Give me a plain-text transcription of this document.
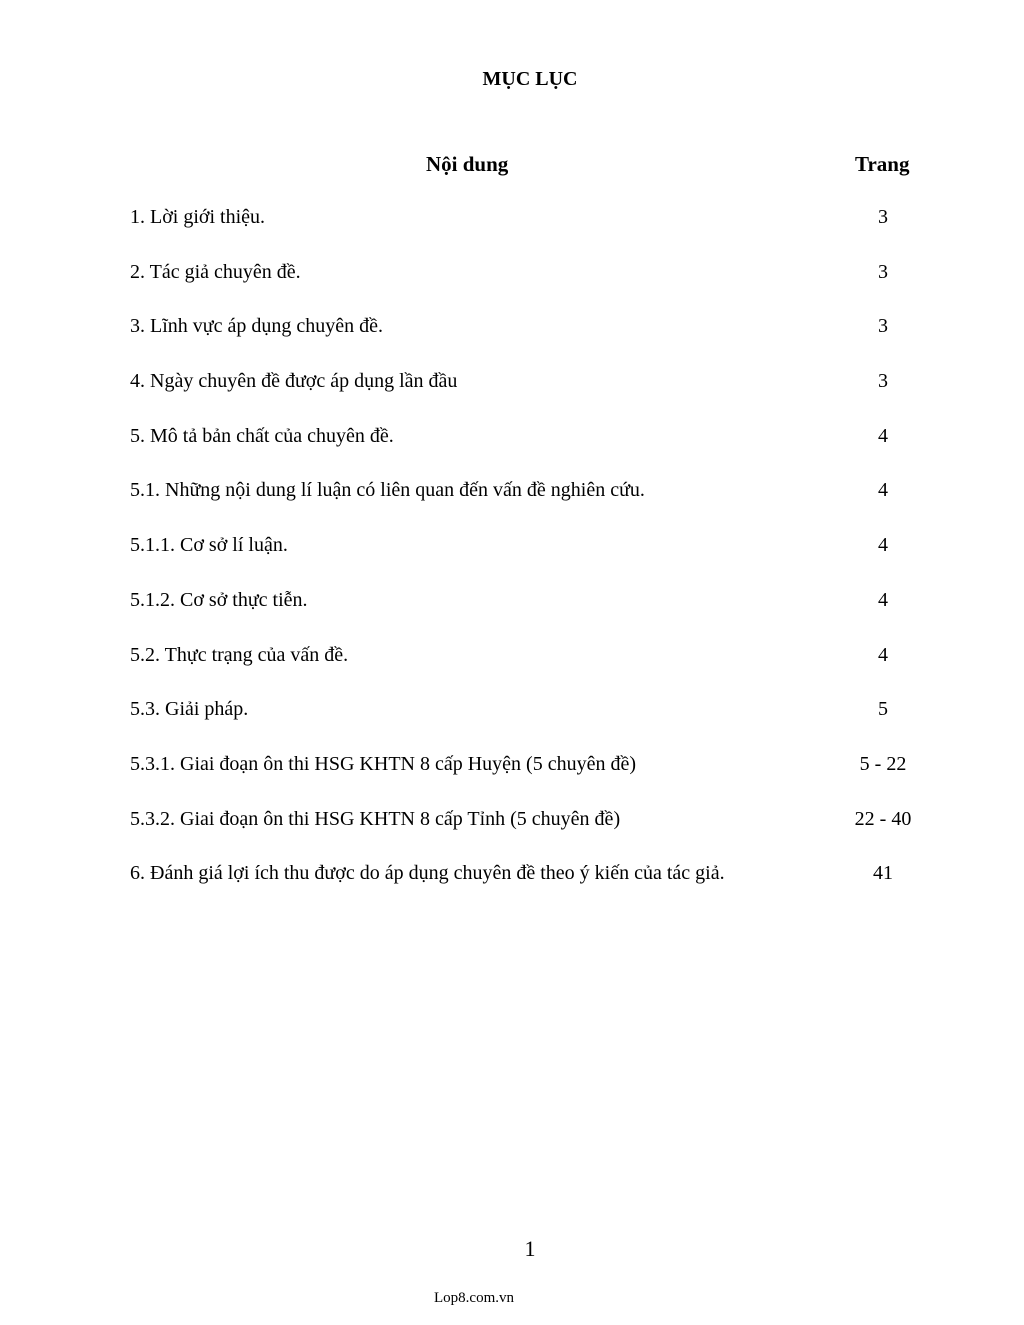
MỤC LỤC
Nội dung	Trang
1. Lời giới thiệu.	3
2. Tác giả chuyên đề.	3
3. Lĩnh vực áp dụng chuyên đề.	3
4. Ngày chuyên đề được áp dụng lần đầu	3
5. Mô tả bản chất của chuyên đề.	4
5.1. Những nội dung lí luận có liên quan đến vấn đề nghiên cứu.	4
5.1.1. Cơ sở lí luận.	4
5.1.2. Cơ sở thực tiễn.	4
5.2. Thực trạng của vấn đề.	4
5.3. Giải pháp.	5
5.3.1. Giai đoạn ôn thi HSG KHTN 8 cấp Huyện (5 chuyên đề)	5 - 22
5.3.2. Giai đoạn ôn thi HSG KHTN 8 cấp Tỉnh (5 chuyên đề)	22 - 40
6. Đánh giá lợi ích thu được do áp dụng chuyên đề theo ý kiến của tác giả.	41
1
Lop8.com.vn
